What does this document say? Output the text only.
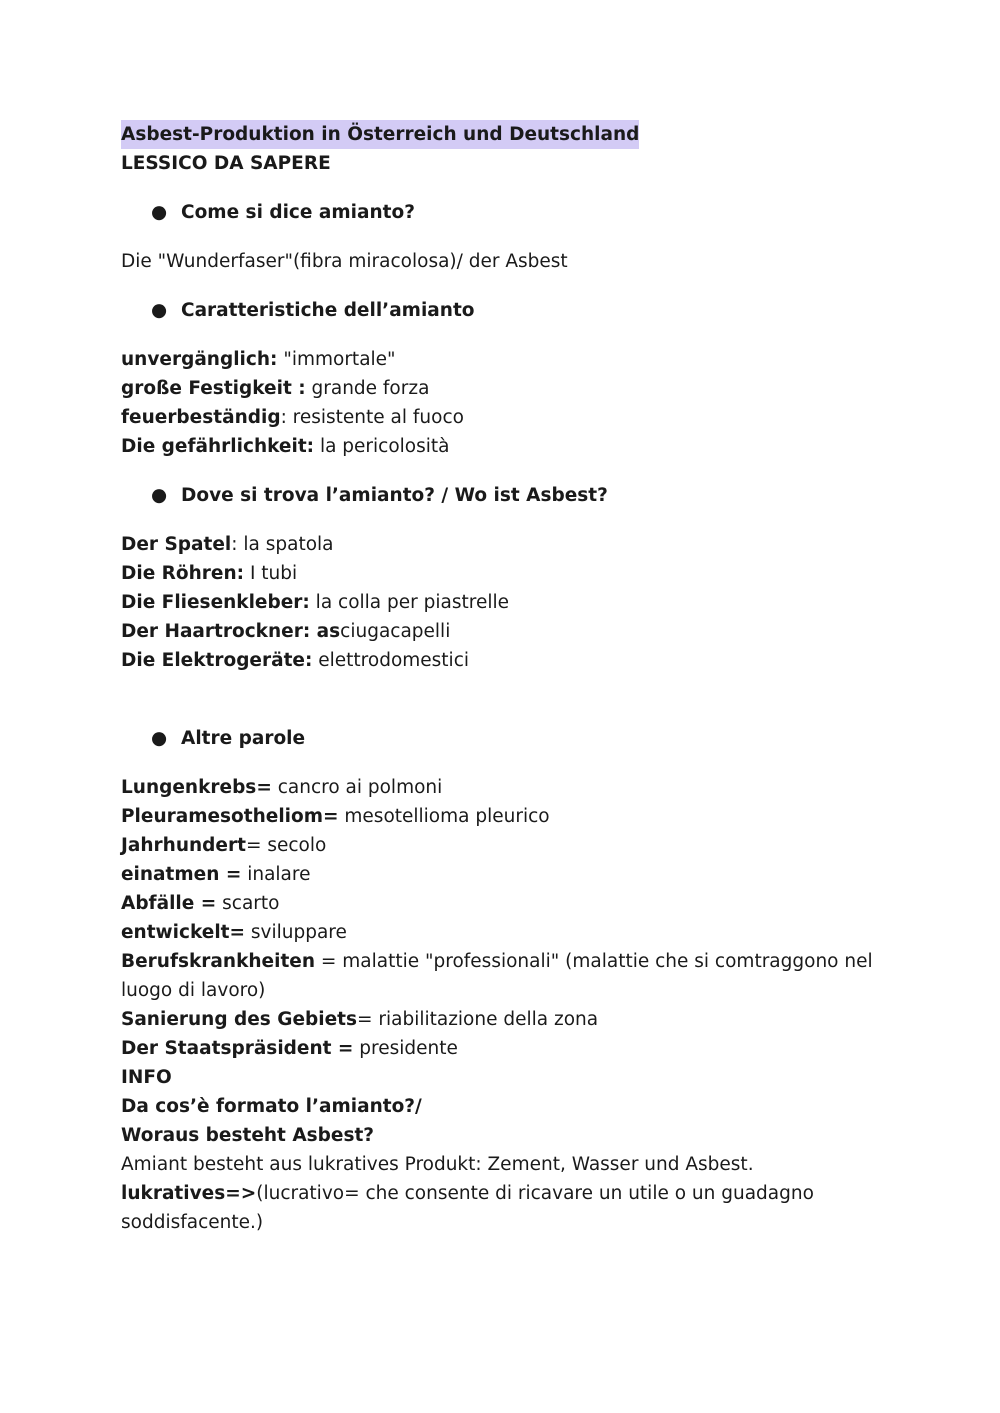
Asbest-Produktion in Österreich und Deutschland

LESSICO DA SAPERE

● Come si dice amianto?

Die "Wunderfaser"(fibra miracolosa)/ der Asbest

● Caratteristiche dell’amianto

unvergänglich: "immortale"

große Festigkeit : grande forza

feuerbeständig: resistente al fuoco

Die gefährlichkeit: la pericolosità

● Dove si trova l’amianto? / Wo ist Asbest?

Der Spatel: la spatola

Die Röhren: I tubi

Die Fliesenkleber: la colla per piastrelle

Der Haartrockner: asciugacapelli

Die Elektrogeräte: elettrodomestici

● Altre parole

Lungenkrebs= cancro ai polmoni

Pleuramesotheliom= mesotellioma pleurico

Jahrhundert= secolo

einatmen = inalare

Abfälle = scarto

entwickelt= sviluppare

Berufskrankheiten = malattie "professionali" (malattie che si comtraggono nel luogo di lavoro)

Sanierung des Gebiets= riabilitazione della zona

Der Staatspräsident = presidente

INFO

Da cos’è formato l’amianto?/

Woraus besteht Asbest?

Amiant besteht aus lukratives Produkt: Zement, Wasser und Asbest.

lukratives=>(lucrativo= che consente di ricavare un utile o un guadagno soddisfacente.)
